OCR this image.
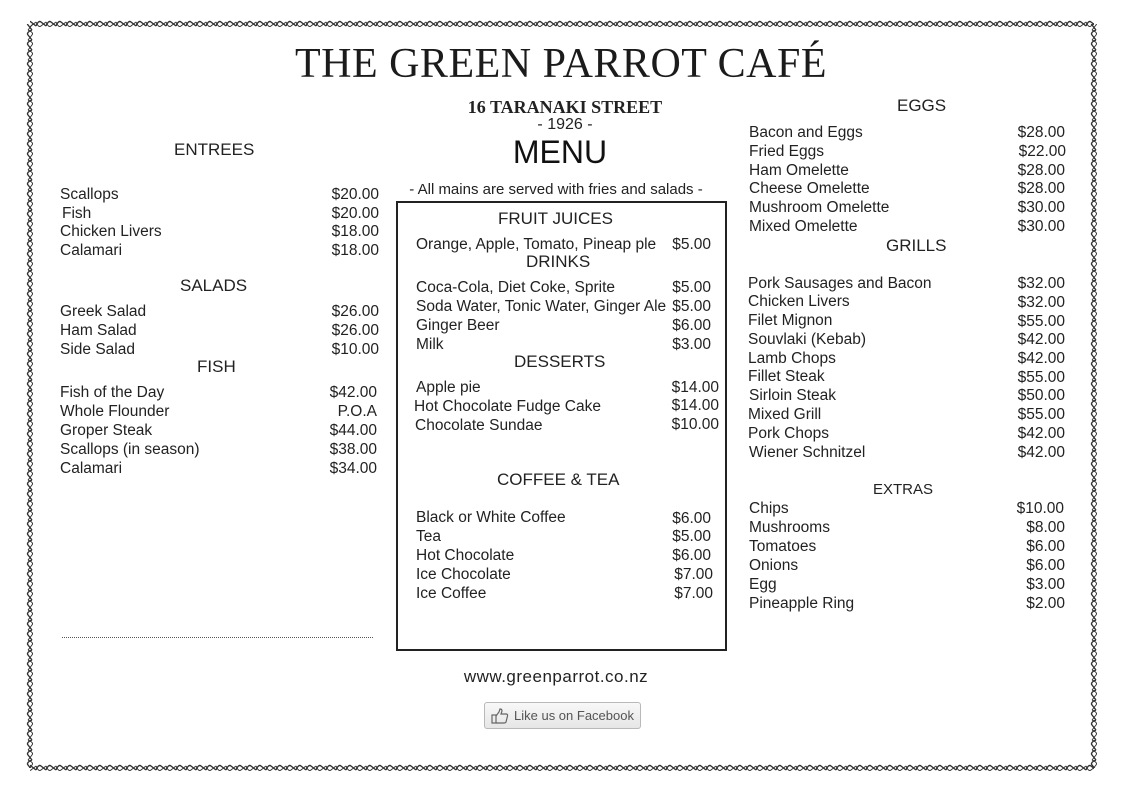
THE GREEN PARROT CAFÉ
16 TARANAKI STREET
- 1926 -
MENU
- All mains are served with fries and salads -
ENTREES
Scallops	$20.00
Fish	$20.00
Chicken Livers	$18.00
Calamari	$18.00
SALADS
Greek Salad	$26.00
Ham Salad	$26.00
Side Salad	$10.00
FISH
Fish of the Day	$42.00
Whole Flounder	P.O.A
Groper Steak	$44.00
Scallops (in season)	$38.00
Calamari	$34.00
FRUIT JUICES
Orange, Apple, Tomato, Pineap ple $5.00
DRINKS
Coca-Cola, Diet Coke, Sprite	$5.00
Soda Water, Tonic Water, Ginger Ale $5.00
Ginger Beer	$6.00
Milk	$3.00
DESSERTS
Apple pie	$14.00
Hot Chocolate Fudge Cake	$14.00
Chocolate Sundae	$10.00
COFFEE & TEA
Black or White Coffee	$6.00
Tea	$5.00
Hot Chocolate	$6.00
Ice Chocolate	$7.00
Ice Coffee	$7.00
EGGS
Bacon and Eggs	$28.00
Fried Eggs	$22.00
Ham Omelette	$28.00
Cheese Omelette	$28.00
Mushroom Omelette	$30.00
Mixed Omelette	$30.00
GRILLS
Pork Sausages and Bacon	$32.00
Chicken Livers	$32.00
Filet Mignon	$55.00
Souvlaki (Kebab)	$42.00
Lamb Chops	$42.00
Fillet Steak	$55.00
Sirloin Steak	$50.00
Mixed Grill	$55.00
Pork Chops	$42.00
Wiener Schnitzel	$42.00
EXTRAS
Chips	$10.00
Mushrooms	$8.00
Tomatoes	$6.00
Onions	$6.00
Egg	$3.00
Pineapple Ring	$2.00
www.greenparrot.co.nz
Like us on Facebook
